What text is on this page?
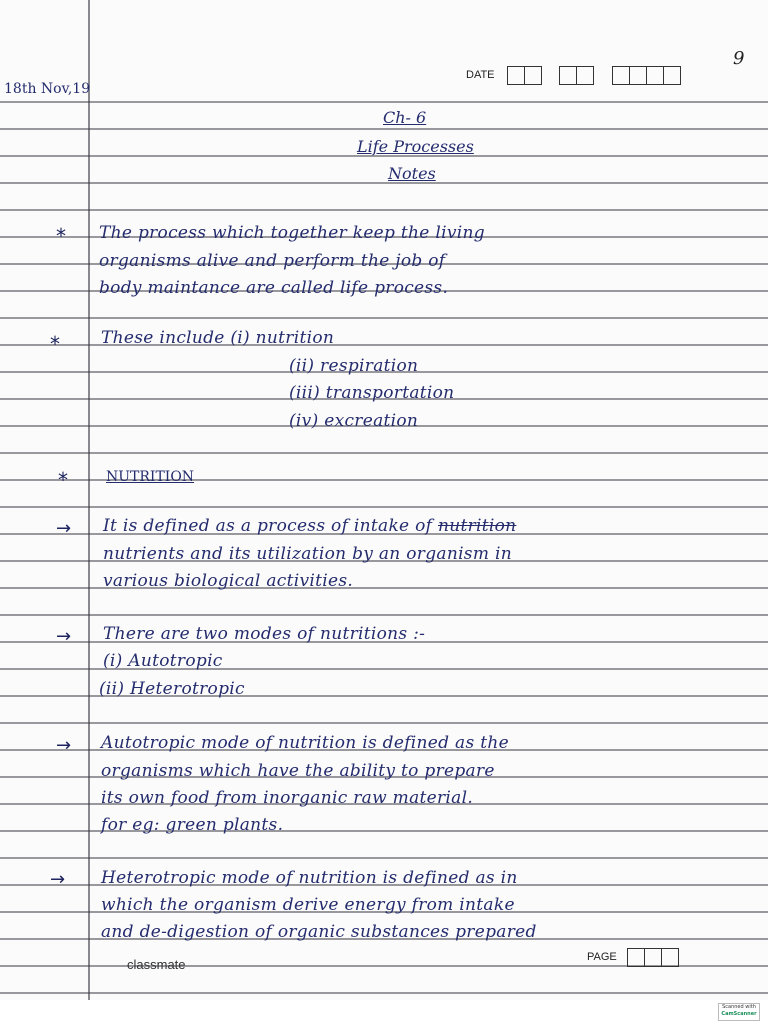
18th Nov,19
DATE
9
Ch- 6
Life Processes
Notes
* The process which together keep the living
organisms alive and perform the job of
body maintance are called life process.
* These include (i) nutrition
(ii) respiration
(iii) transportation
(iv) excreation
*	NUTRITION
→ It is defined as a process of intake of nutrition
nutrients and its utilization by an organism in
various biological activities.
→ There are two modes of nutritions :-
(i) Autotropic
(ii) Heterotropic
→ Autotropic mode of nutrition is defined as the
organisms which have the ability to prepare
its own food from inorganic raw material.
for eg: green plants.
→ Heterotropic mode of nutrition is defined as in
which the organism derive energy from intake
and de-digestion of organic substances prepared
classmate	PAGE
Scanned with
CamScanner
